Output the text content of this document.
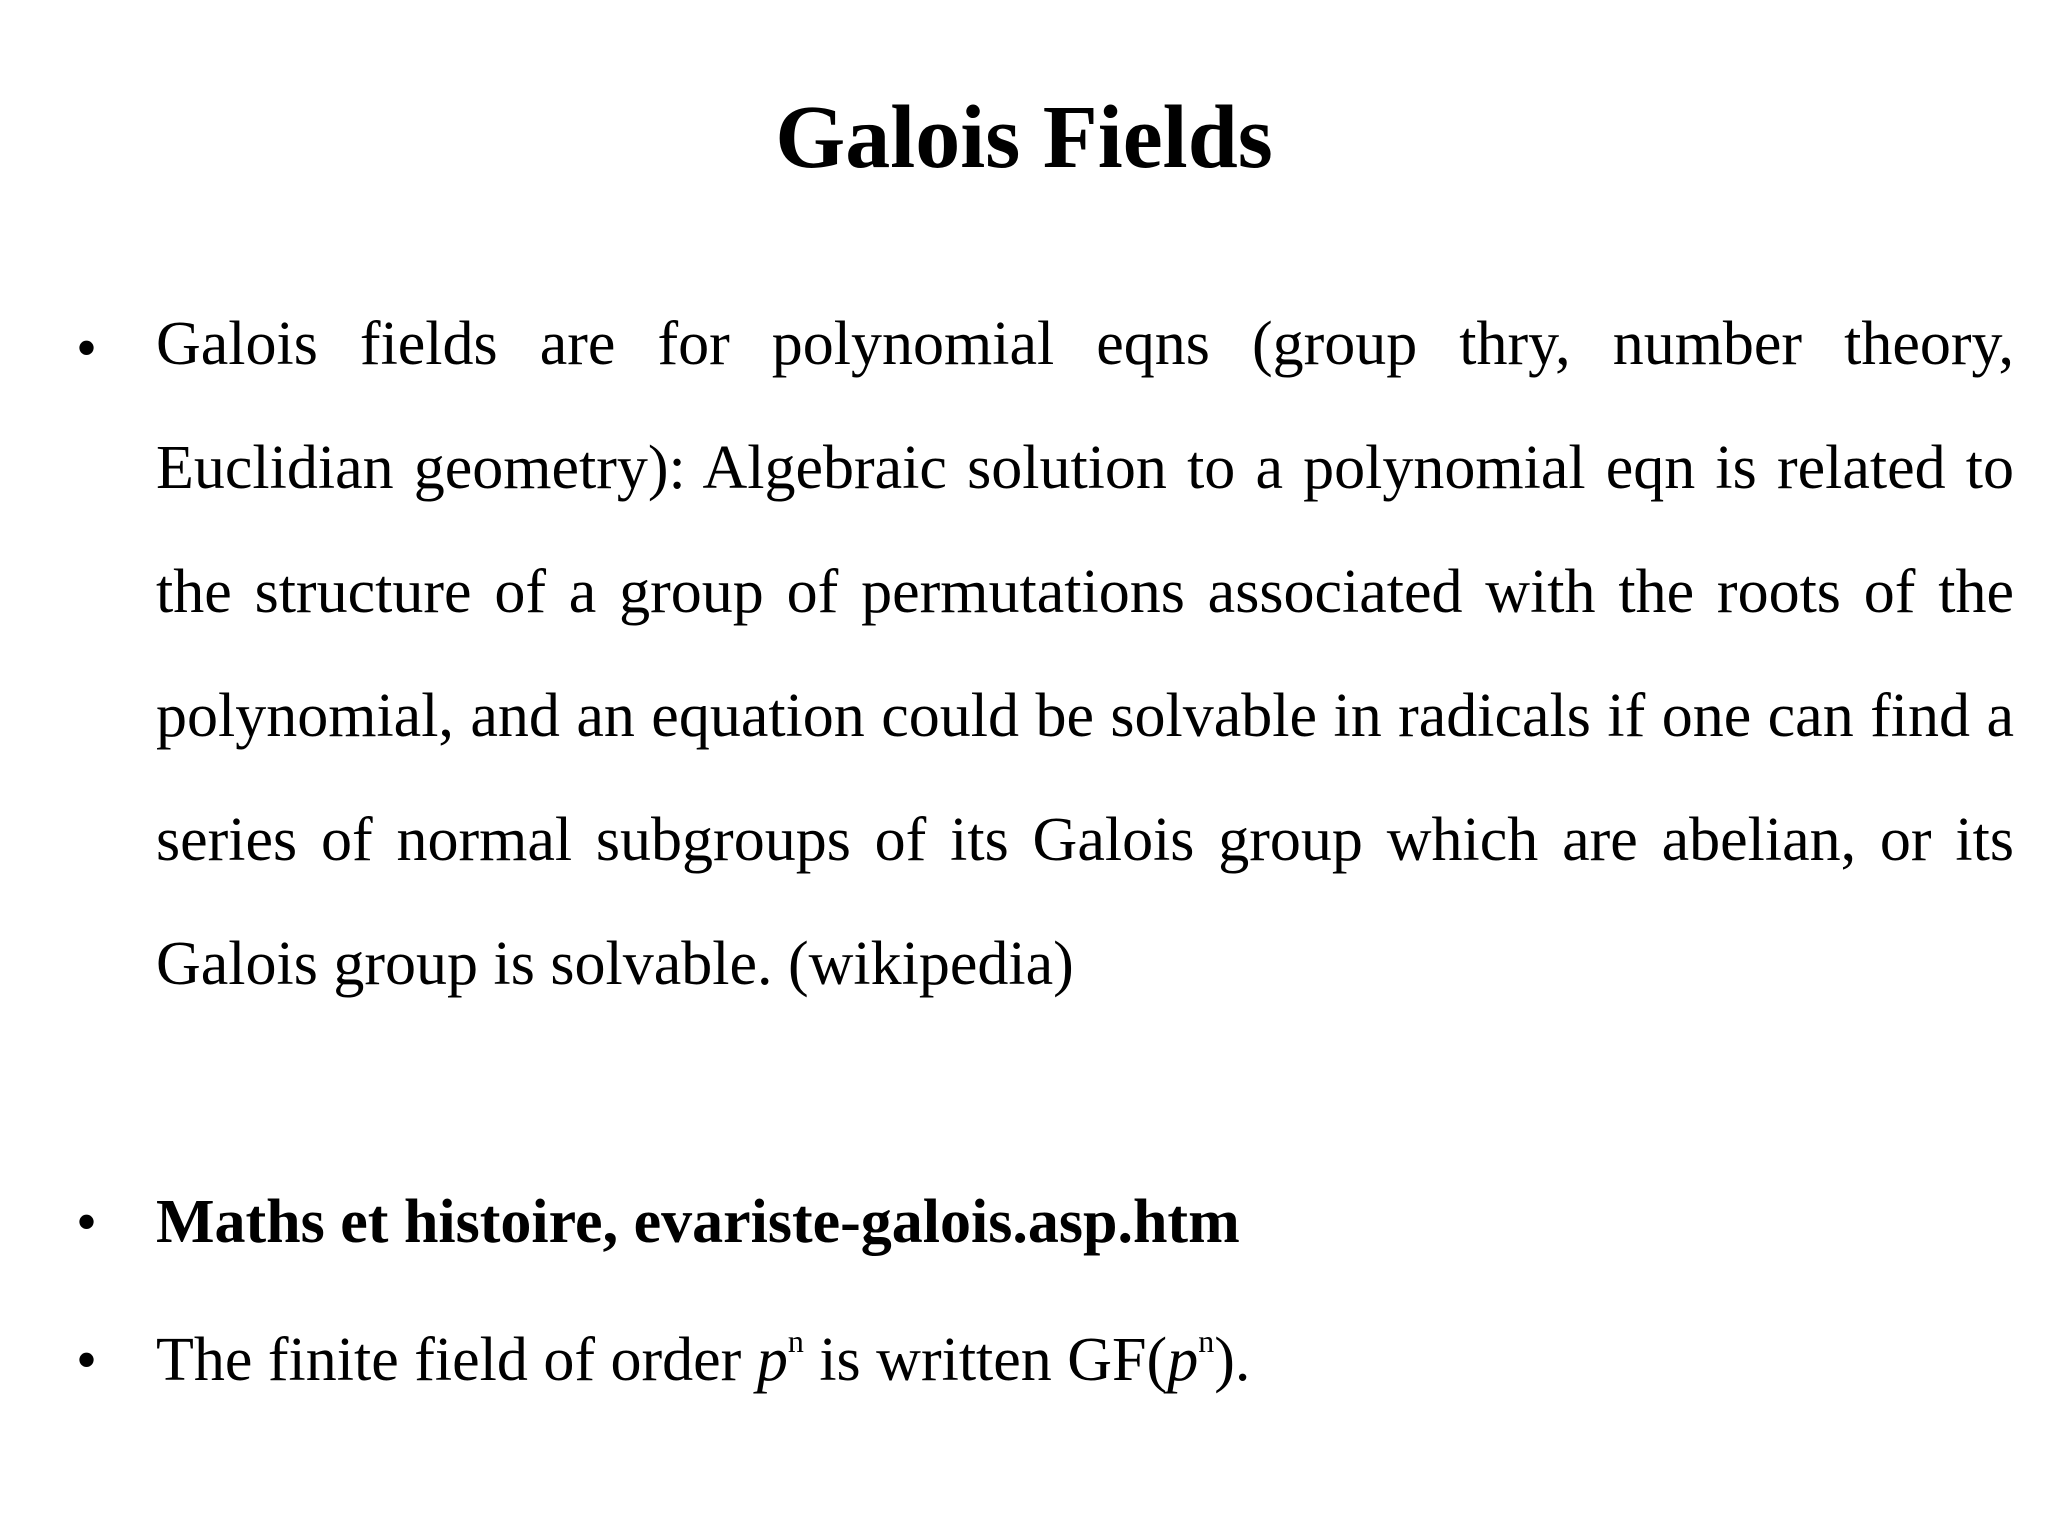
Galois Fields
• Galois fields are for polynomial eqns (group thry, number theory, Euclidian geometry): Algebraic solution to a polynomial eqn is related to the structure of a group of permutations associated with the roots of the polynomial, and an equation could be solvable in radicals if one can find a series of normal subgroups of its Galois group which are abelian, or its Galois group is solvable. (wikipedia)
• Maths et histoire, evariste-galois.asp.htm
• The finite field of order $p^n$ is written $GF(p^n)$.
